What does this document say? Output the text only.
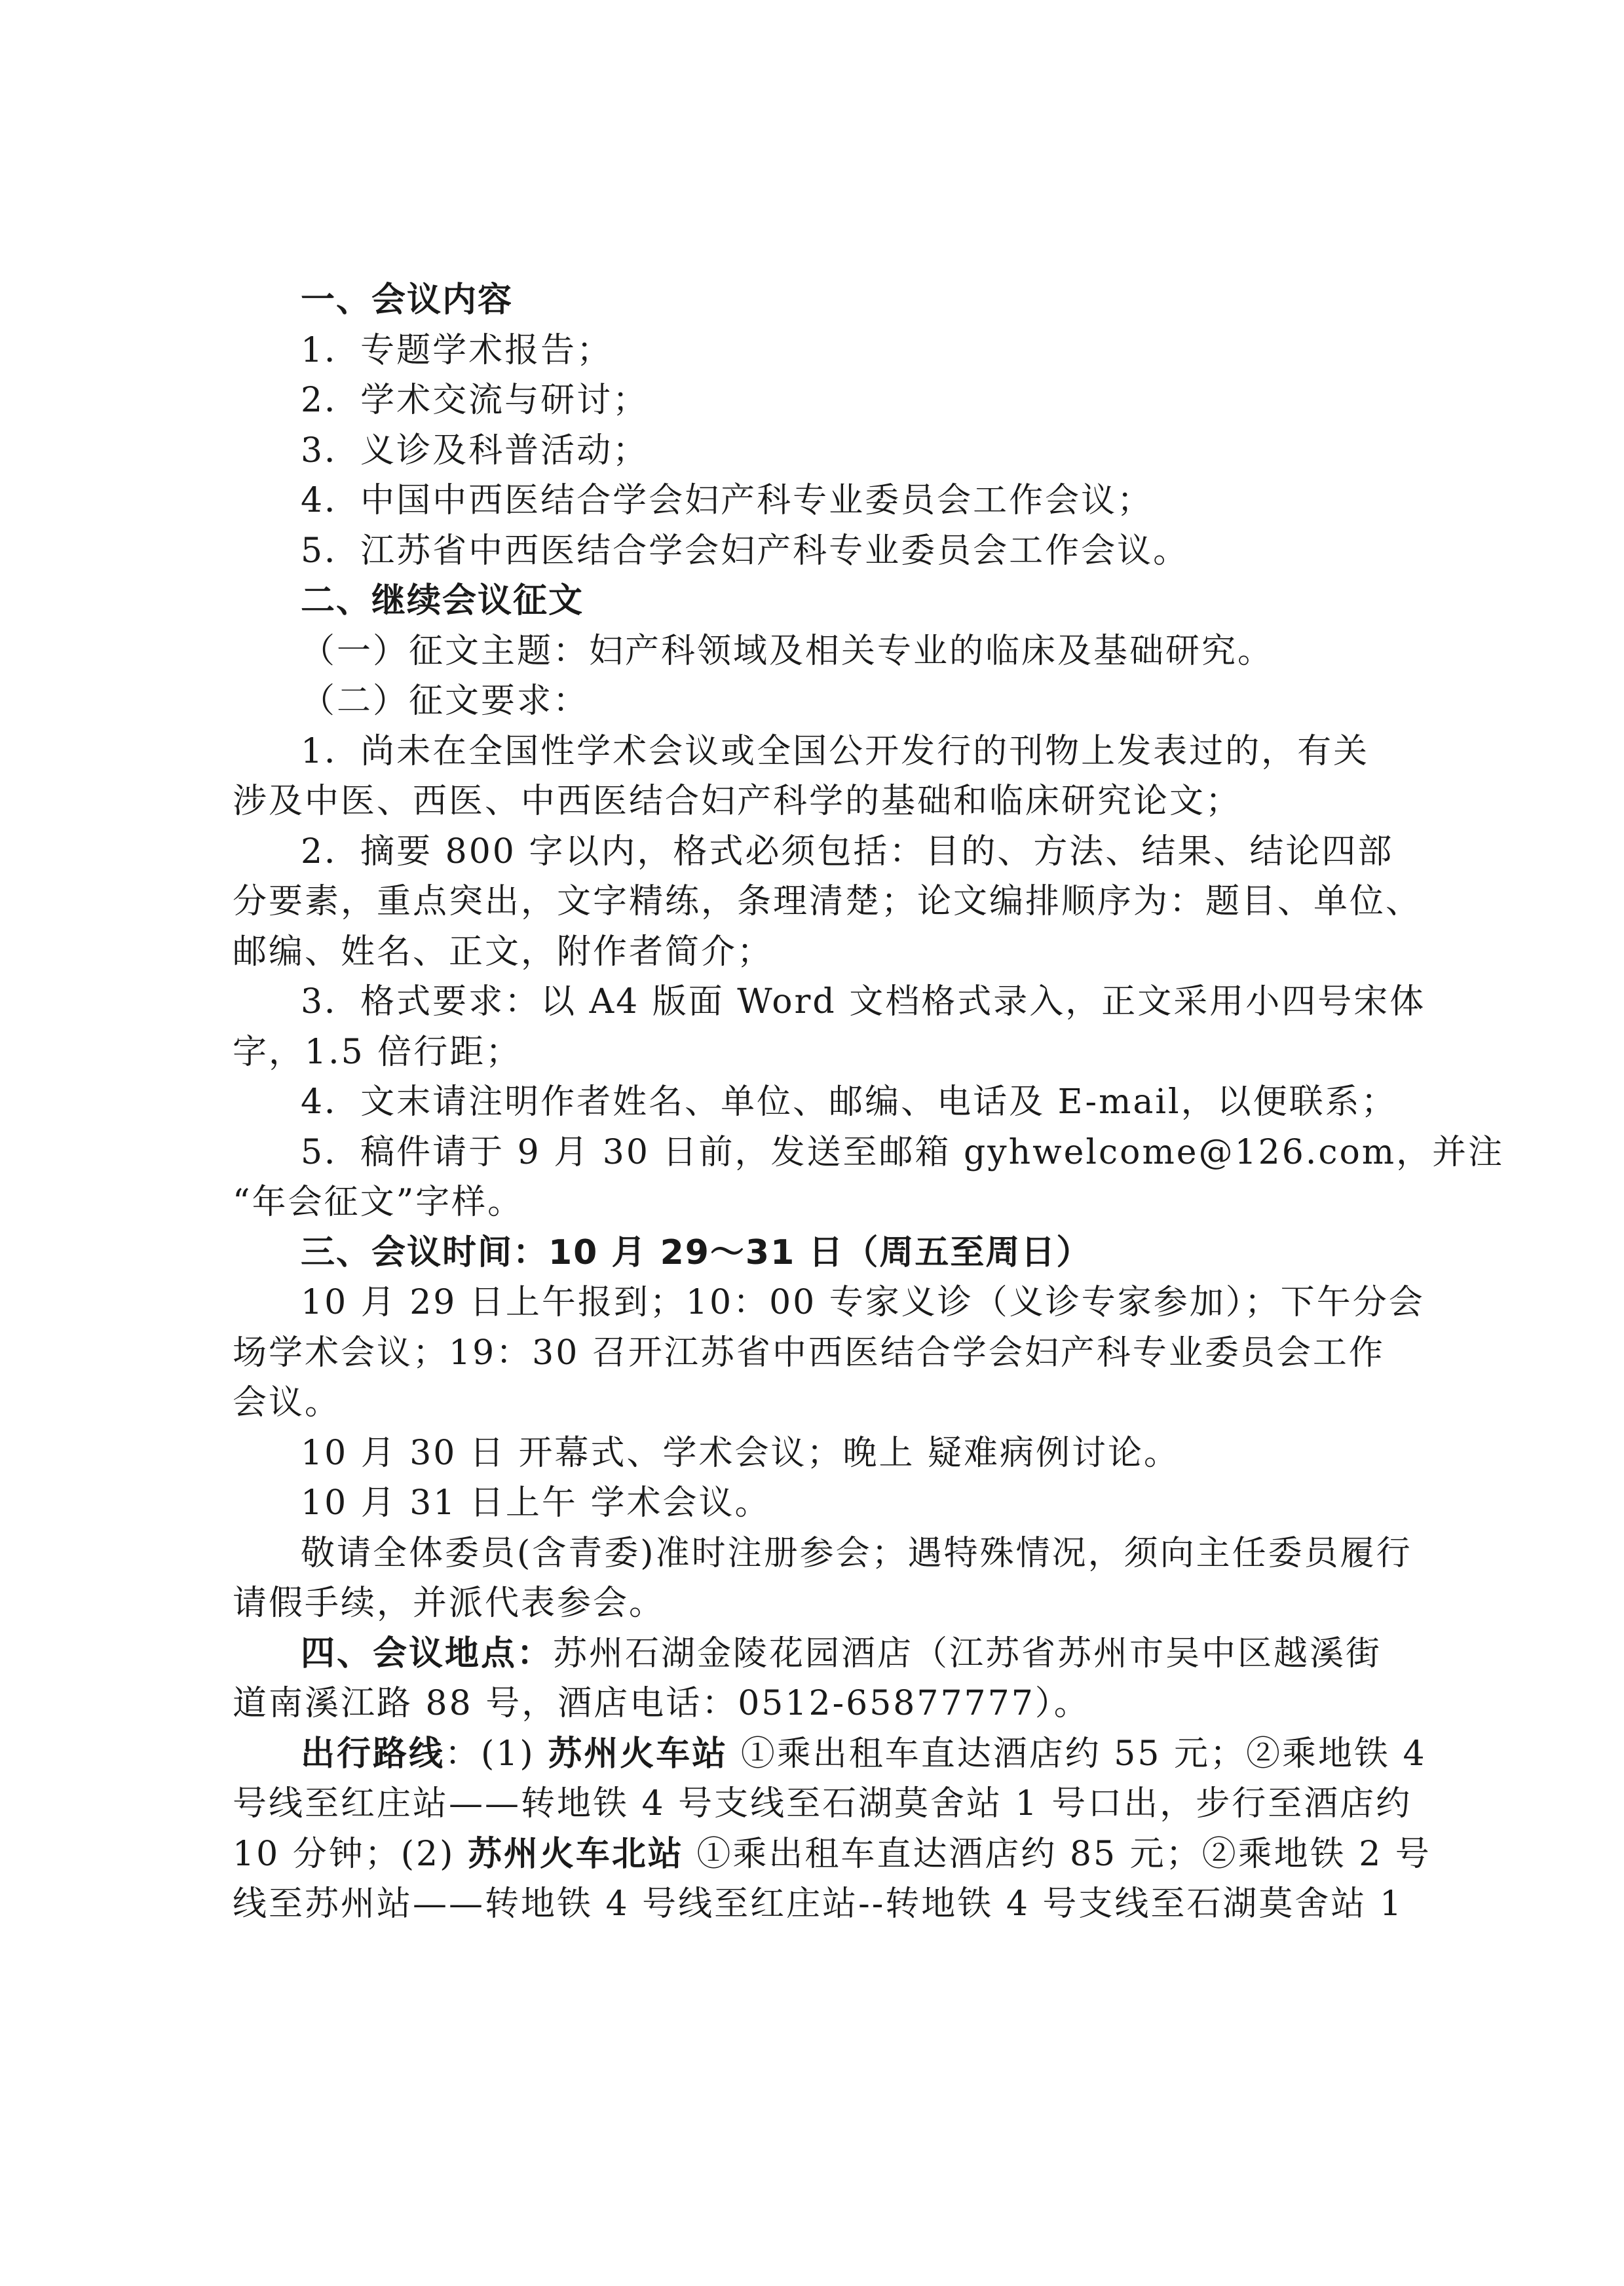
一、会议内容
1．专题学术报告；
2．学术交流与研讨；
3．义诊及科普活动；
4．中国中西医结合学会妇产科专业委员会工作会议；
5．江苏省中西医结合学会妇产科专业委员会工作会议。
二、继续会议征文
（一）征文主题：妇产科领域及相关专业的临床及基础研究。
（二）征文要求：
1．尚未在全国性学术会议或全国公开发行的刊物上发表过的，有关
涉及中医、西医、中西医结合妇产科学的基础和临床研究论文；
2．摘要 800 字以内，格式必须包括：目的、方法、结果、结论四部
分要素，重点突出，文字精练，条理清楚；论文编排顺序为：题目、单位、
邮编、姓名、正文，附作者简介；
3．格式要求：以 A4 版面 Word 文档格式录入，正文采用小四号宋体
字，1.5 倍行距；
4．文末请注明作者姓名、单位、邮编、电话及 E-mail，以便联系；
5．稿件请于 9 月 30 日前，发送至邮箱 gyhwelcome@126.com，并注
“年会征文”字样。
三、会议时间：10 月 29～31 日（周五至周日）
10 月 29 日上午报到；10：00 专家义诊（义诊专家参加）；下午分会
场学术会议；19：30 召开江苏省中西医结合学会妇产科专业委员会工作
会议。
10 月 30 日 开幕式、学术会议；晚上 疑难病例讨论。
10 月 31 日上午 学术会议。
敬请全体委员(含青委)准时注册参会；遇特殊情况，须向主任委员履行
请假手续，并派代表参会。
四、会议地点：苏州石湖金陵花园酒店（江苏省苏州市吴中区越溪街
道南溪江路 88 号，酒店电话：0512-65877777）。
出行路线：(1) 苏州火车站 ①乘出租车直达酒店约 55 元；②乘地铁 4
号线至红庄站——转地铁 4 号支线至石湖莫舍站 1 号口出，步行至酒店约
10 分钟；(2) 苏州火车北站 ①乘出租车直达酒店约 85 元；②乘地铁 2 号
线至苏州站——转地铁 4 号线至红庄站--转地铁 4 号支线至石湖莫舍站 1
